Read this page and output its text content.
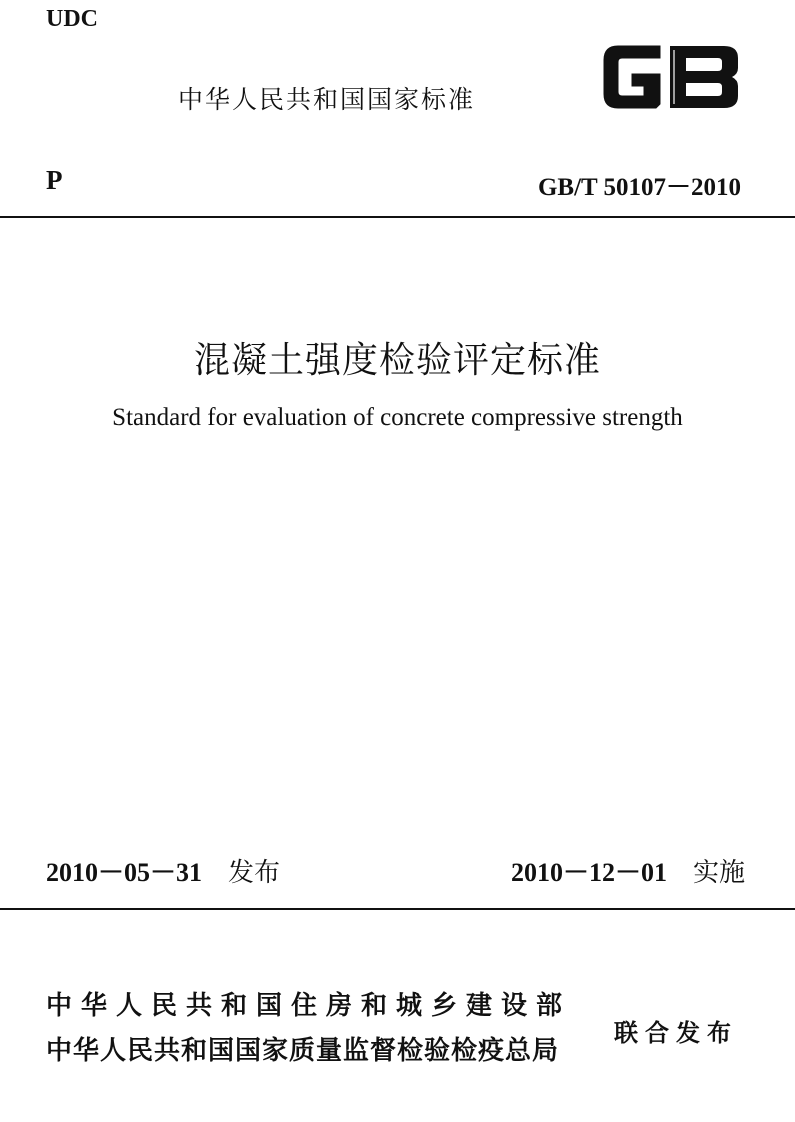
UDC
中华人民共和国国家标准
P	GB/T 50107－2010
混凝土强度检验评定标准
Standard for evaluation of concrete compressive strength
2010－05－31 发布	2010－12－01 实施
中华人民共和国住房和城乡建设部
中华人民共和国国家质量监督检验检疫总局
联合发布
